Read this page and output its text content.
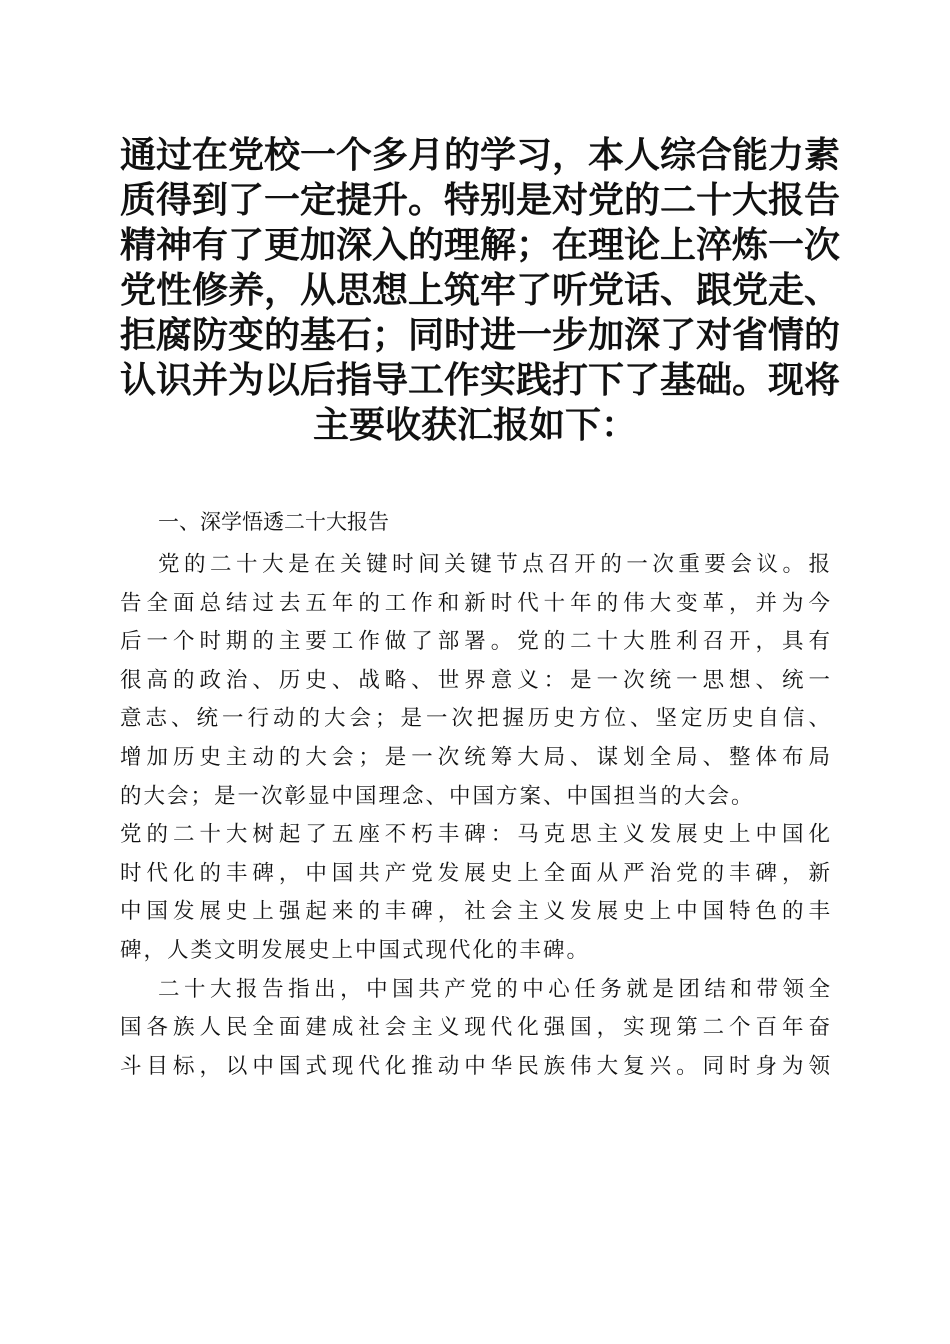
通过在党校一个多月的学习，本人综合能力素
质得到了一定提升。特别是对党的二十大报告
精神有了更加深入的理解；在理论上淬炼一次
党性修养，从思想上筑牢了听党话、跟党走、
拒腐防变的基石；同时进一步加深了对省情的
认识并为以后指导工作实践打下了基础。现将
主要收获汇报如下：
一、深学悟透二十大报告
党的二十大是在关键时间关键节点召开的一次重要会议。报
告全面总结过去五年的工作和新时代十年的伟大变革，并为今
后一个时期的主要工作做了部署。党的二十大胜利召开，具有
很高的政治、历史、战略、世界意义：是一次统一思想、统一
意志、统一行动的大会；是一次把握历史方位、坚定历史自信、
增加历史主动的大会；是一次统筹大局、谋划全局、整体布局
的大会；是一次彰显中国理念、中国方案、中国担当的大会。
党的二十大树起了五座不朽丰碑：马克思主义发展史上中国化
时代化的丰碑，中国共产党发展史上全面从严治党的丰碑，新
中国发展史上强起来的丰碑，社会主义发展史上中国特色的丰
碑，人类文明发展史上中国式现代化的丰碑。
二十大报告指出，中国共产党的中心任务就是团结和带领全
国各族人民全面建成社会主义现代化强国，实现第二个百年奋
斗目标，以中国式现代化推动中华民族伟大复兴。同时身为领
